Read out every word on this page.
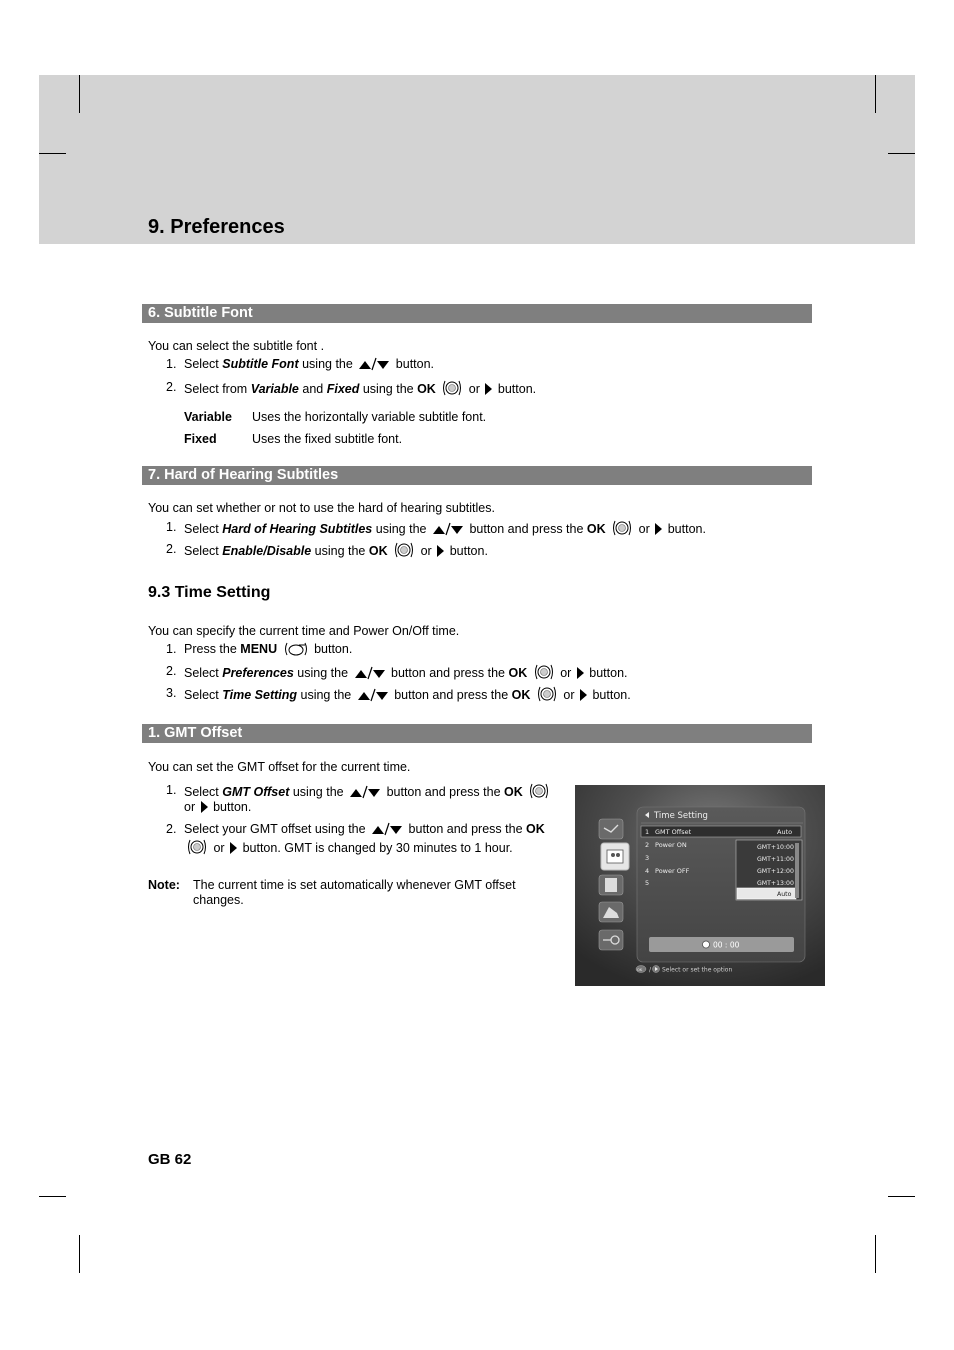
9. Preferences
6. Subtitle Font
You can select the subtitle font .
1. Select Subtitle Font using the	button.
2. Select from Variable and Fixed using the OK	or button.
Variable Uses the horizontally variable subtitle font.
Fixed	Uses the fixed subtitle font.
7. Hard of Hearing Subtitles
You can set whether or not to use the hard of hearing subtitles.
1. Select Hard of Hearing Subtitles using the	button and press the OK	or button.
2. Select Enable/Disable using the OK	or button.
9.3 Time Setting
You can specify the current time and Power On/Off time.
1. Press the MENU	button.
2. Select Preferences using the	button and press the OK	or button.
3. Select Time Setting using the	button and press the OK	or button.
1. GMT Offset
You can set the GMT offset for the current time.
1. Select GMT Offset using the	button and press the OK
or button.
2. Select your GMT offset using the	button and press the OK
or button. GMT is changed by 30 minutes to 1 hour.
Note: The current time is set automatically whenever GMT offset
changes.
Time Setting
1 GMT Offset	Auto
2 Power ON
3
4 Power OFF
5
GMT+10:00
GMT+11:00
GMT+12:00
GMT+13:00
Auto
00 : 00
OK / Select or set the option
GB 62
